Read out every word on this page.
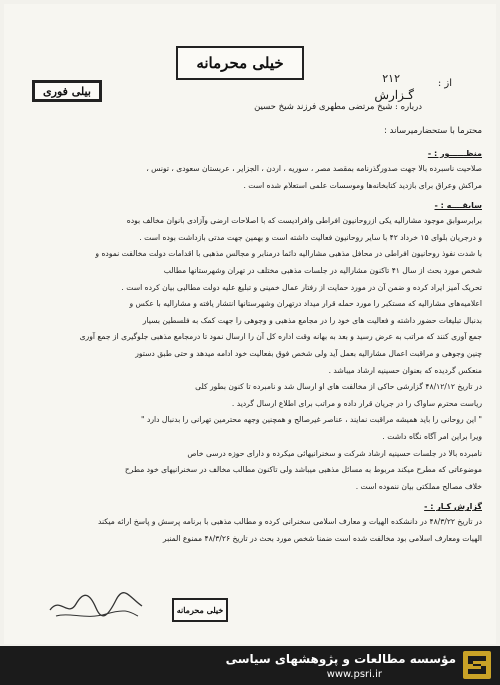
خیلی محرمانه
بیلی فوری
از :
۲۱۲
گـزارش
درباره : شیخ مرتضی مطهری فرزند شیخ حسین
محترما با ستحضارمیرساند :
منظــــــور : -
صلاحیت ناسبرده بالا جهت صدورگذرنامه بمقصد مصر ، سوریه ، اردن ، الجزایر ، عربستان سعودی ، تونس ،
مراکش وعراق برای بازدید کتابخانه‌ها وموسسات علمی استعلام شده است .
سابقــــه : -
برابرسوابق موجود مشارالیه یکی ازروحانیون افراطی وافرادیست که با اصلاحات ارضی وآزادی بانوان مخالف بوده
و درجریان بلوای ۱۵ خرداد ۴۲ با سایر روحانیون فعالیت داشته است و بهمین جهت مدتی بازداشت بوده است .
با شدت نفوذ روحانیون افراطی در محافل مذهبی مشارالیه دائما درمنابر و مجالس مذهبی با اقدامات دولت مخالفت نموده و
شخص مورد بحث از سال ۴۱ تاکنون مشارالیه در جلسات مذهبی مختلف در تهران وشهرستانها مطالب
تحریک آمیز ایراد کرده و ضمن آن در مورد حمایت از رفتار عمال خمینی و تبلیغ علیه دولت مطالبی بیان کرده است .
اعلامیه‌های مشارالیه که مستکبر را مورد حمله قرار میداد درتهران وشهرستانها انتشار یافته و مشارالیه با عکس و
بدنبال تبلیغات حضور داشته و فعالیت های خود را در مجامع مذهبی و وجوهی را جهت کمک به فلسطین بسیار
جمع آوری کنند که مراتب به عرض رسید و بعد به بهانه وقت اداره کل آن را ارسال نمود تا درمجامع مذهبی جلوگیری از جمع آوری
چنین وجوهی و مراقبت اعمال مشارالیه بعمل آید ولی شخص فوق بفعالیت خود ادامه میدهد و حتی طبق دستور
منعکس گردیده که بعنوان حسینیه ارشاد میباشد .
در تاریخ ۴۸/۱۲/۱۲ گزارشی حاکی از مخالفت های او ارسال شد و نامبرده تا کنون بطور کلی
ریاست محترم ساواک را در جریان قرار داده و مراتب برای اطلاع ارسال گردید .
" این روحانی را باید همیشه مراقبت نمایند ، عناصر غیرصالح و همچنین وجهه محترمین تهرانی را بدنبال دارد "
ویرا براین امر آگاه نگاه داشت .
نامبرده بالا در جلسات حسینیه ارشاد شرکت و سخنرانیهائی میکرده و دارای حوزه درسی خاص
موضوعاتی که مطرح میکند مربوط به مسائل مذهبی میباشد ولی تاکنون مطالب مخالف در سخنرانیهای خود مطرح
خلاف مصالح مملکتی بیان ننموده است .
گزارش کـار : -
در تاریخ ۴۸/۳/۲۲ در دانشکده الهیات و معارف اسلامی سخنرانی کرده و مطالب مذهبی با برنامه پرسش و پاسخ ارائه میکند
الهیات ومعارف اسلامی بود مخالفت شده است ضمنا شخص مورد بحث در تاریخ ۴۸/۳/۲۶ ممنوع المنبر
خیلی محرمانه
مؤسسه مطالعات و پژوهشهای سیاسی
www.psri.ir
